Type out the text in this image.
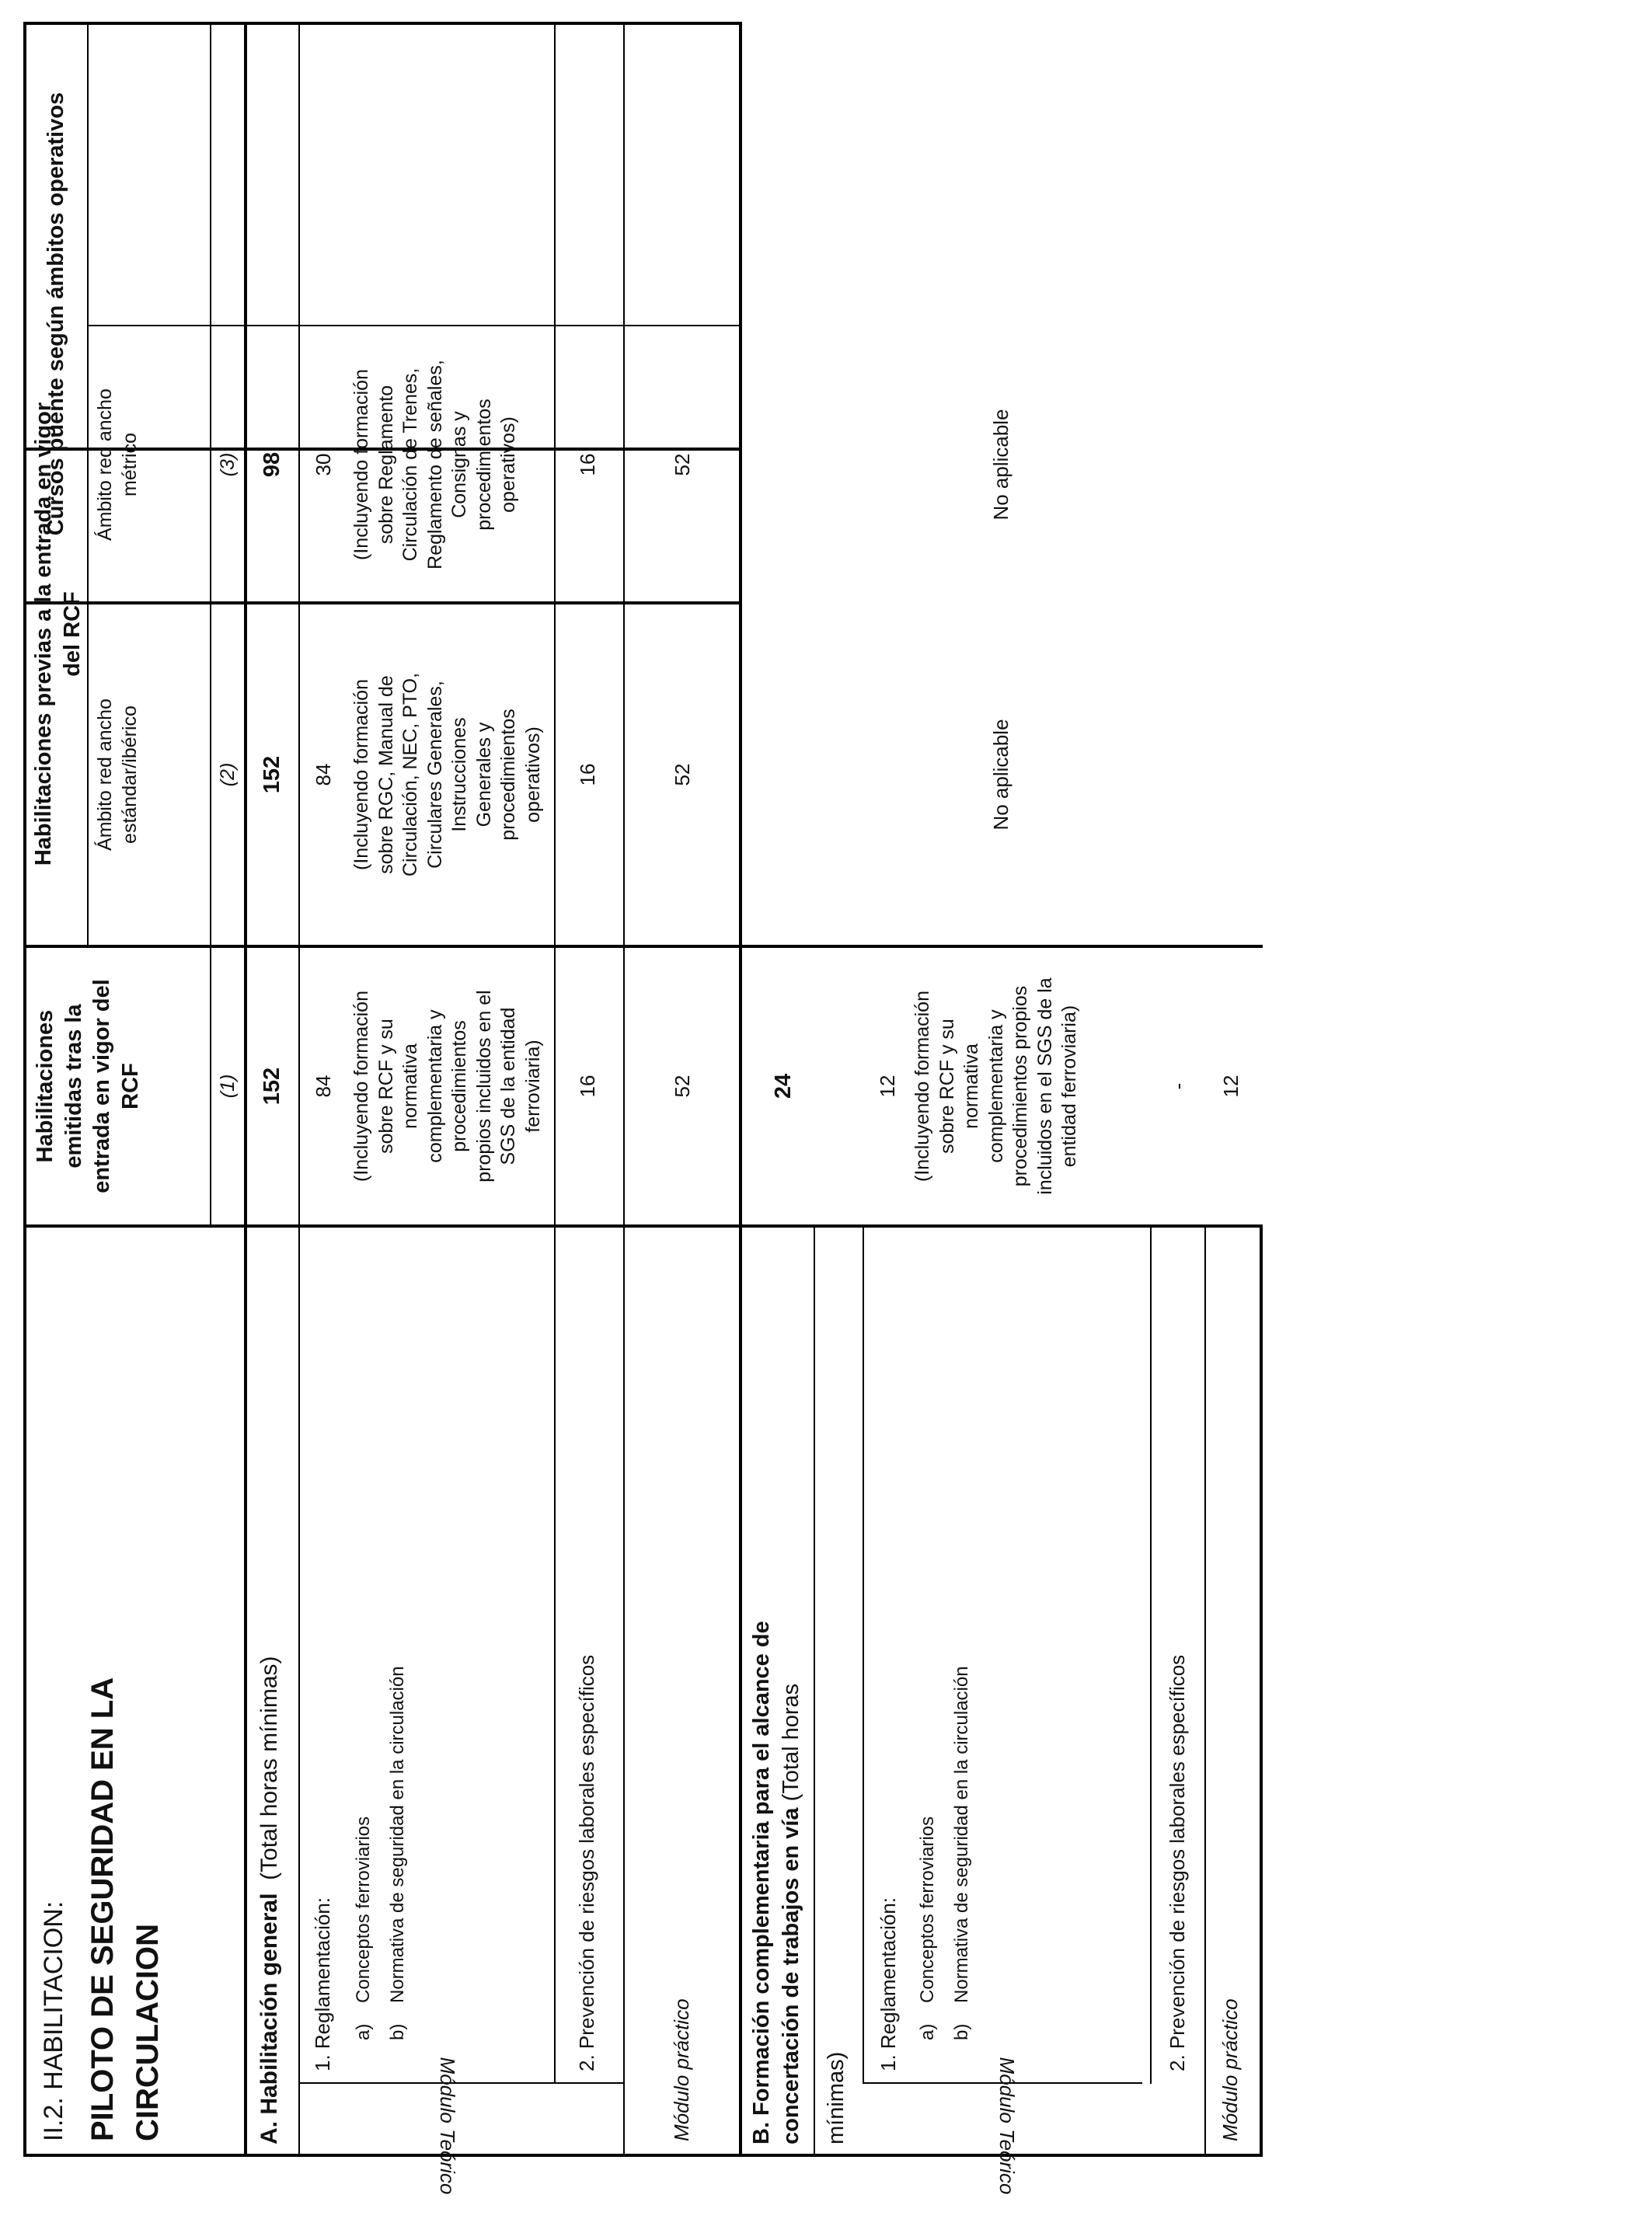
II.2. HABILITACION: PILOTO DE SEGURIDAD EN LA CIRCULACION
Habilitaciones emitidas tras la entrada en vigor del RCF
Habilitaciones previas a la entrada en vigor del RCF
Cursos puente según ámbitos operativos
Ámbito red ancho estándar/ibérico
Ámbito red ancho métrico
(1)
(2)
(3)
A. Habilitación general  (Total horas mínimas)
152
152
98
Módulo Teórico
1. Reglamentación: a)    Conceptos ferroviarios
b)    Normativa de seguridad en la circulación
84 (Incluyendo formación sobre RCF y su normativa complementaria y procedimientos propios incluidos en el SGS de la entidad ferroviaria)
84 (Incluyendo formación sobre RGC, Manual de Circulación, NEC, PTO, Circulares Generales, Instrucciones Generales y procedimientos operativos)
30 (Incluyendo formación sobre Reglamento Circulación de Trenes, Reglamento de señales, Consignas y procedimientos operativos)
2. Prevención de riesgos laborales específicos
16
16
16
Módulo práctico
52
52
52
B. Formación complementaria para el alcance de concertación de trabajos en vía (Total horas
24
mínimas)	Módulo Teórico
1. Reglamentación: a)    Conceptos ferroviarios
b)    Normativa de seguridad en la circulación
12 (Incluyendo formación sobre RCF y su normativa complementaria y procedimientos propios incluidos en el SGS de la entidad ferroviaria)
2. Prevención de riesgos laborales específicos
-
Módulo práctico
12
No aplicable
No aplicable
